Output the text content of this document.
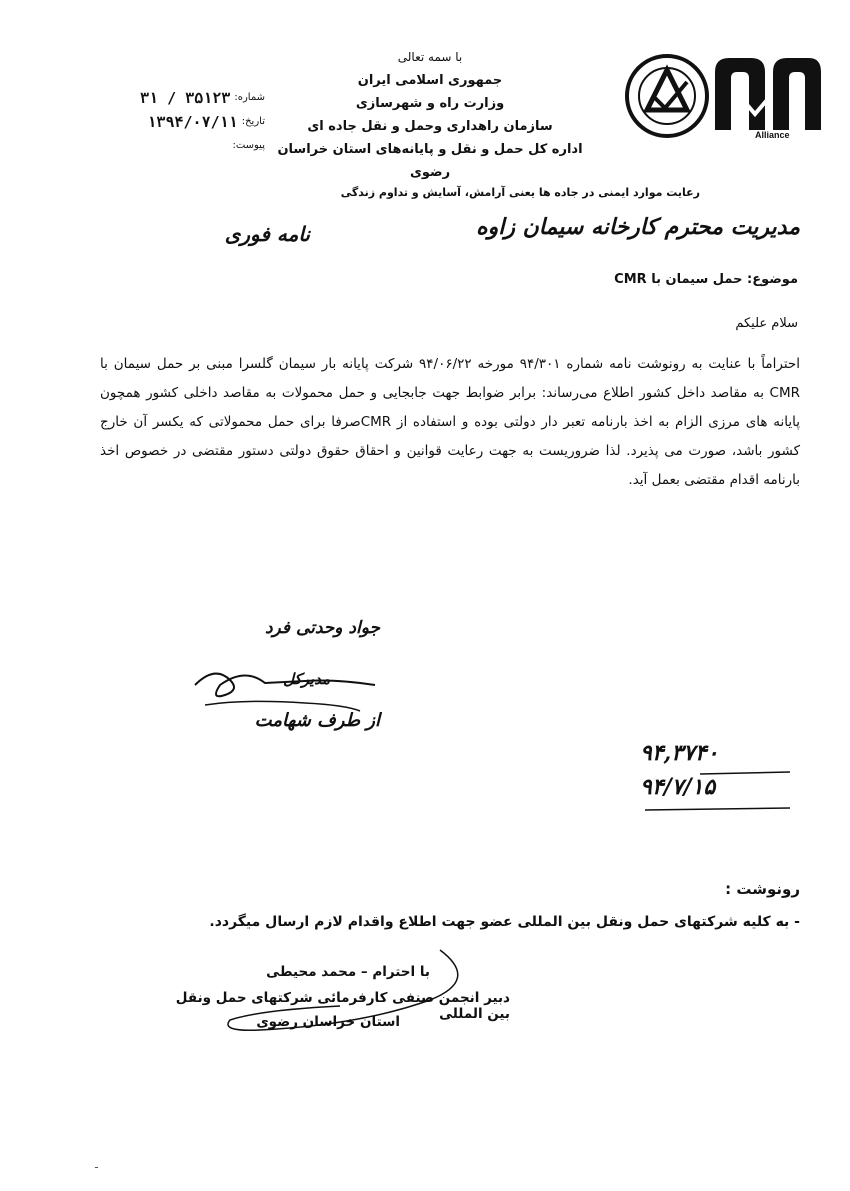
با سمه تعالی
جمهوری اسلامی ایران
وزارت راه و شهرسازی
سازمان راهداری وحمل و نقل جاده ای
اداره کل حمل و نقل و پایانه‌های استان خراسان رضوی
شماره:
۳۱ / ۳۵۱۲۳
تاریخ:
۱۳۹۴/۰۷/۱۱
پیوست:
Alliance
رعایت موارد ایمنی در جاده ها یعنی آرامش، آسایش و تداوم زندگی
مدیریت محترم کارخانه سیمان زاوه
نامه فوری
موضوع: حمل سیمان با CMR
سلام علیکم
احتراماً با عنایت به رونوشت نامه شماره ۹۴/۳۰۱ مورخه ۹۴/۰۶/۲۲ شرکت پایانه بار سیمان گلسرا مبنی بر حمل سیمان با CMR به مقاصد داخل کشور اطلاع می‌رساند: برابر ضوابط جهت جابجایی و حمل محمولات به مقاصد داخلی کشور همچون پایانه های مرزی الزام به اخذ بارنامه تعبر دار دولتی بوده و استفاده از CMRصرفا برای حمل محمولاتی که یکسر آن خارج کشور باشد، صورت می پذیرد. لذا ضروریست به جهت رعایت قوانین و احقاق حقوق دولتی دستور مقتضی در خصوص اخذ بارنامه اقدام مقتضی بعمل آید.
جواد وحدتی فرد
مدیرکل
از طرف شهامت
۹۴,۳۷۴۰
۹۴/۷/۱۵
رونوشت :
- به کلیه شرکتهای حمل ونقل بین المللی عضو جهت اطلاع واقدام لازم ارسال میگردد.
با احترام – محمد محیطی
دبیر انجمن صنفی کارفرمائی شرکتهای حمل ونقل بین المللی
استان خراسان رضوی
ـ
